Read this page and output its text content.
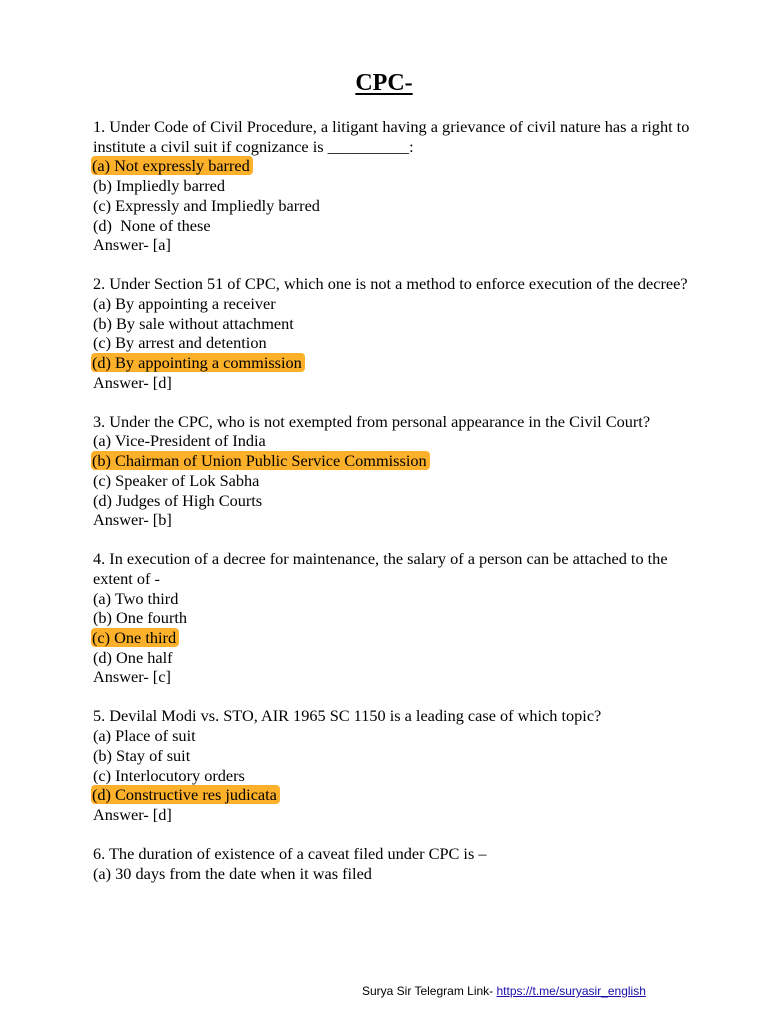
CPC-
1. Under Code of Civil Procedure, a litigant having a grievance of civil nature has a right to institute a civil suit if cognizance is __________:
(a) Not expressly barred
(b) Impliedly barred
(c) Expressly and Impliedly barred
(d)  None of these
Answer- [a]
2. Under Section 51 of CPC, which one is not a method to enforce execution of the decree?
(a) By appointing a receiver
(b) By sale without attachment
(c) By arrest and detention
(d) By appointing a commission
Answer- [d]
3. Under the CPC, who is not exempted from personal appearance in the Civil Court?
(a) Vice-President of India
(b) Chairman of Union Public Service Commission
(c) Speaker of Lok Sabha
(d) Judges of High Courts
Answer- [b]
4. In execution of a decree for maintenance, the salary of a person can be attached to the extent of -
(a) Two third
(b) One fourth
(c) One third
(d) One half
Answer- [c]
5. Devilal Modi vs. STO, AIR 1965 SC 1150 is a leading case of which topic?
(a) Place of suit
(b) Stay of suit
(c) Interlocutory orders
(d) Constructive res judicata
Answer- [d]
6. The duration of existence of a caveat filed under CPC is –
(a) 30 days from the date when it was filed
Surya Sir Telegram Link- https://t.me/suryasir_english
